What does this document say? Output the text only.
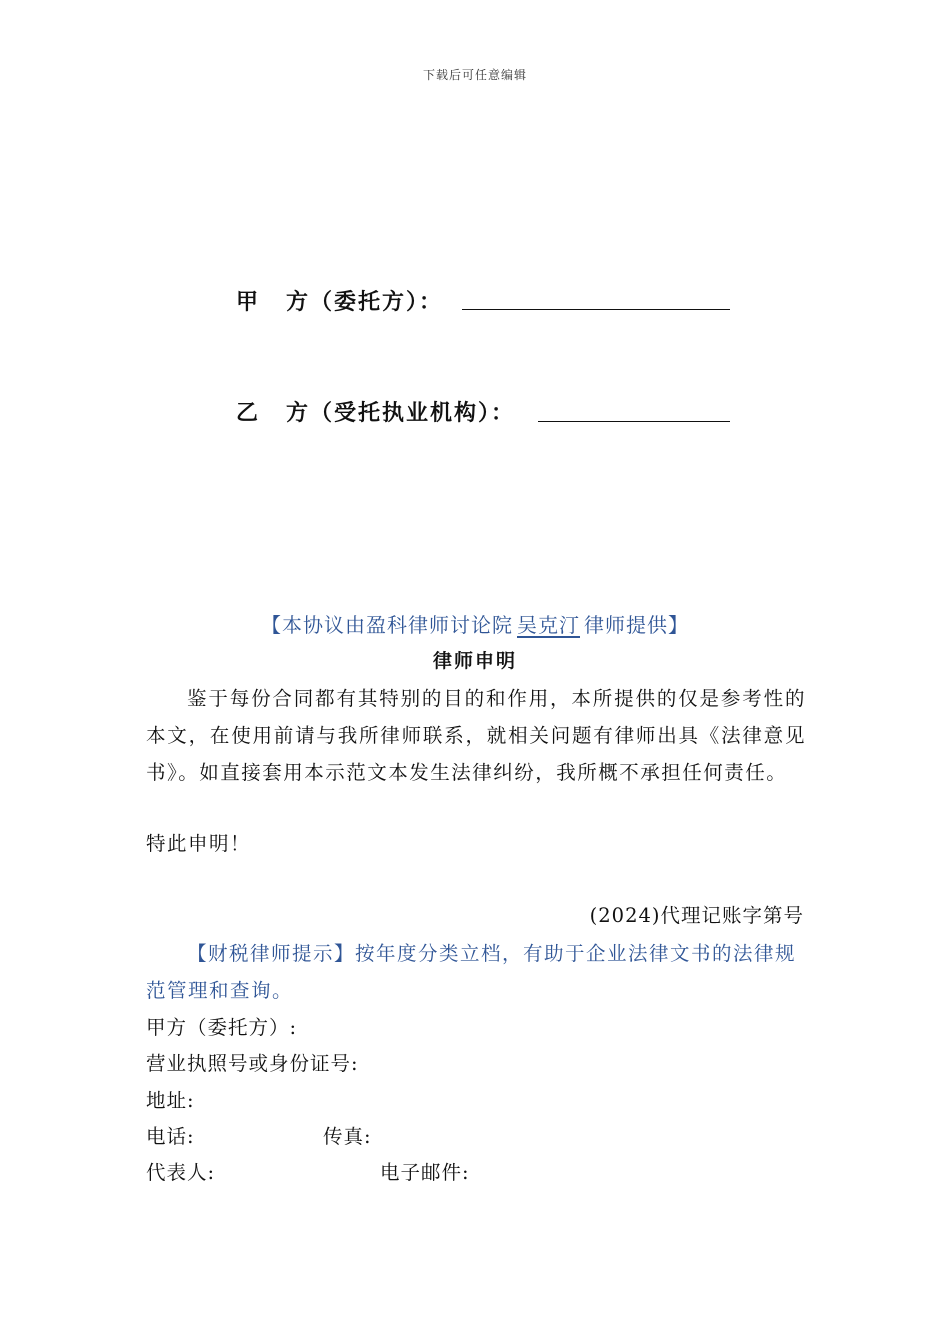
下载后可任意编辑
甲 方（委托方）：
乙 方（受托执业机构）：
【本协议由盈科律师讨论院 吴克汀 律师提供】
律师申明

鉴于每份合同都有其特别的目的和作用，本所提供的仅是参考性的本文，在使用前请与我所律师联系，就相关问题有律师出具《法律意见书》。如直接套用本示范文本发生法律纠纷，我所概不承担任何责任。

特此申明！
(2024)代理记账字第号

【财税律师提示】按年度分类立档，有助于企业法律文书的法律规范管理和查询。

甲方（委托方）:
营业执照号或身份证号:
地址:
电话:	传真:
代表人:	电子邮件:
